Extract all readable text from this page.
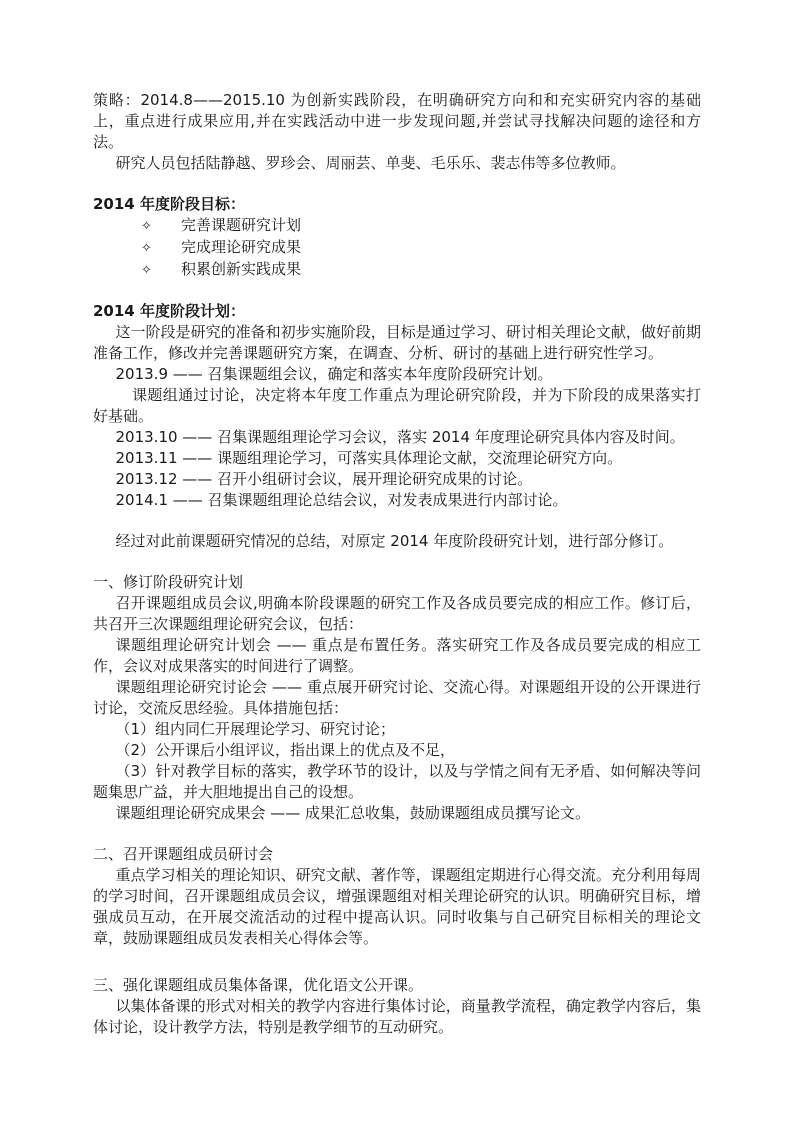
策略：2014.8——2015.10 为创新实践阶段，在明确研究方向和和充实研究内容的基础上，重点进行成果应用,并在实践活动中进一步发现问题,并尝试寻找解决问题的途径和方法。
研究人员包括陆静越、罗珍会、周丽芸、单斐、毛乐乐、裴志伟等多位教师。
2014 年度阶段目标：
✧ 完善课题研究计划
✧ 完成理论研究成果
✧ 积累创新实践成果
2014 年度阶段计划：
这一阶段是研究的准备和初步实施阶段，目标是通过学习、研讨相关理论文献，做好前期准备工作，修改并完善课题研究方案，在调查、分析、研讨的基础上进行研究性学习。
2013.9 —— 召集课题组会议，确定和落实本年度阶段研究计划。
课题组通过讨论，决定将本年度工作重点为理论研究阶段，并为下阶段的成果落实打好基础。
2013.10 —— 召集课题组理论学习会议，落实 2014 年度理论研究具体内容及时间。
2013.11 —— 课题组理论学习，可落实具体理论文献，交流理论研究方向。
2013.12 —— 召开小组研讨会议，展开理论研究成果的讨论。
2014.1 —— 召集课题组理论总结会议，对发表成果进行内部讨论。
经过对此前课题研究情况的总结，对原定 2014 年度阶段研究计划，进行部分修订。
一、修订阶段研究计划
召开课题组成员会议,明确本阶段课题的研究工作及各成员要完成的相应工作。修订后，共召开三次课题组理论研究会议，包括：
课题组理论研究计划会 —— 重点是布置任务。落实研究工作及各成员要完成的相应工作，会议对成果落实的时间进行了调整。
课题组理论研究讨论会 —— 重点展开研究讨论、交流心得。对课题组开设的公开课进行讨论，交流反思经验。具体措施包括：
（1）组内同仁开展理论学习、研究讨论；
（2）公开课后小组评议，指出课上的优点及不足，
（3）针对教学目标的落实，教学环节的设计，以及与学情之间有无矛盾、如何解决等问题集思广益，并大胆地提出自己的设想。
课题组理论研究成果会 —— 成果汇总收集，鼓励课题组成员撰写论文。
二、召开课题组成员研讨会
重点学习相关的理论知识、研究文献、著作等，课题组定期进行心得交流。充分利用每周的学习时间，召开课题组成员会议，增强课题组对相关理论研究的认识。明确研究目标，增强成员互动，在开展交流活动的过程中提高认识。同时收集与自己研究目标相关的理论文章，鼓励课题组成员发表相关心得体会等。
三、强化课题组成员集体备课，优化语文公开课。
以集体备课的形式对相关的教学内容进行集体讨论，商量教学流程，确定教学内容后，集体讨论，设计教学方法，特别是教学细节的互动研究。
